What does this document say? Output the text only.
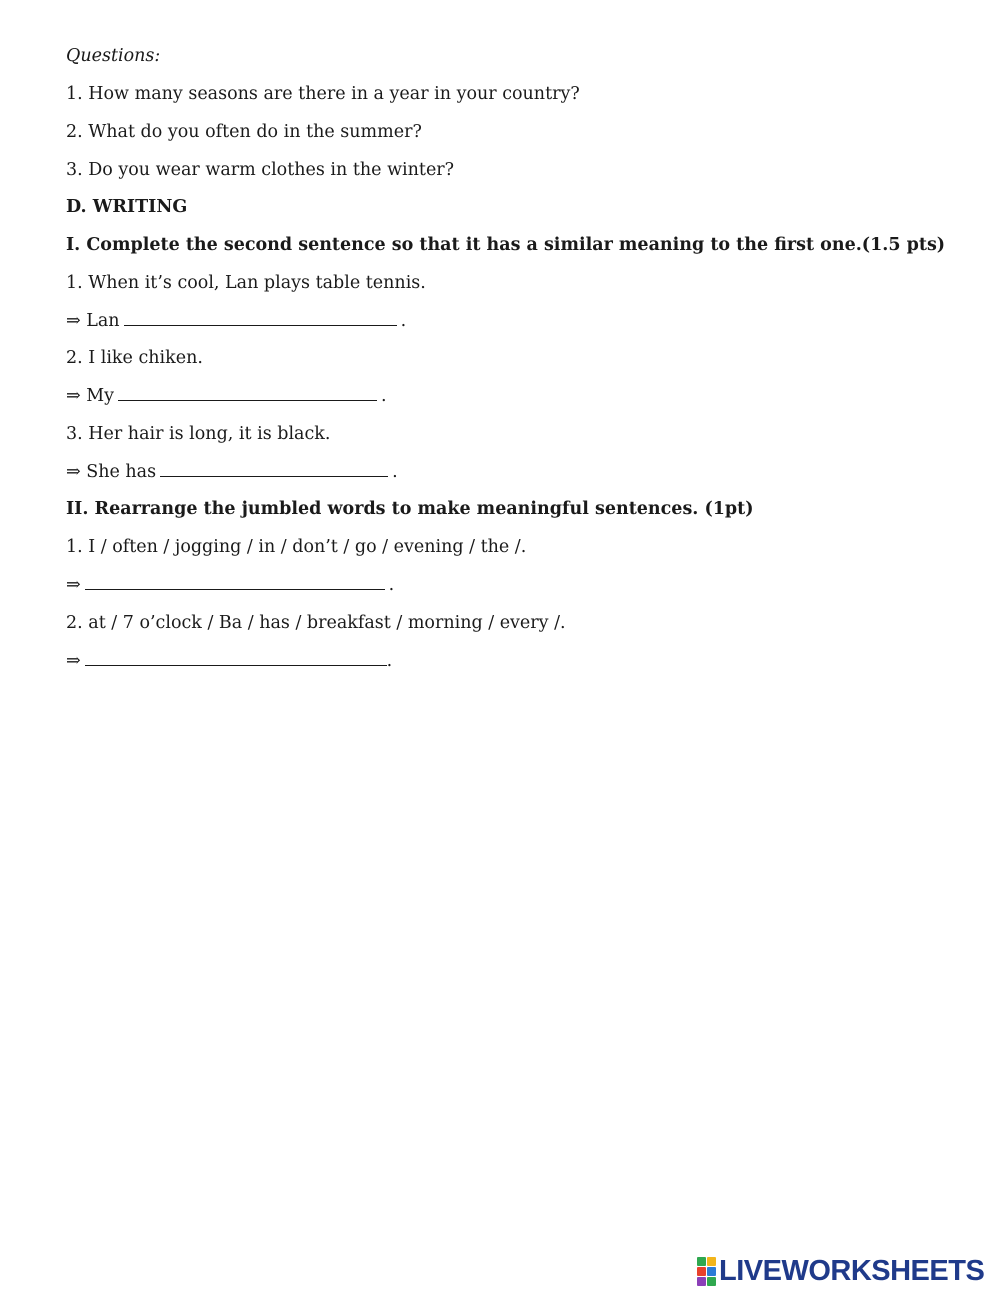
Questions:
1. How many seasons are there in a year in your country?
2. What do you often do in the summer?
3. Do you wear warm clothes in the winter?
D. WRITING
I. Complete the second sentence so that it has a similar meaning to the first one.(1.5 pts)
1. When it’s cool, Lan plays table tennis.
⇒ Lan	.
2. I like chiken.
⇒ My	.
3. Her hair is long, it is black.
⇒ She has	.
II. Rearrange the jumbled words to make meaningful sentences. (1pt)
1. I / often / jogging / in / don’t / go / evening / the /.
⇒	.
2. at / 7 o’clock / Ba / has / breakfast / morning / every /.
⇒	.
LIVEWORKSHEETS
